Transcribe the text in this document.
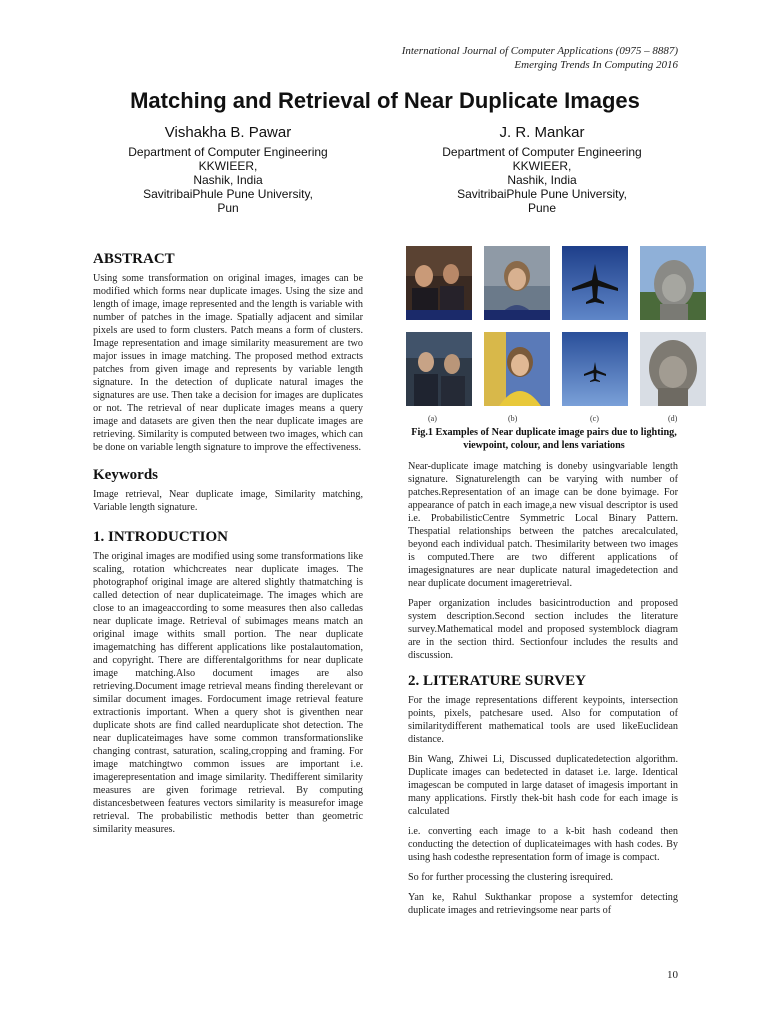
International Journal of Computer Applications (0975 – 8887)
Emerging Trends In Computing 2016
Matching and Retrieval of Near Duplicate Images
Vishakha B. Pawar
Department of Computer Engineering
KKWIEER,
Nashik, India
SavitribaiPhule Pune University,
Pun
J. R. Mankar
Department of Computer Engineering
KKWIEER,
Nashik, India
SavitribaiPhule Pune University,
Pune
ABSTRACT

Using some transformation on original images, images can be modified which forms near duplicate images. Using the size and length of image, image represented and the length is variable with number of patches in the image. Spatially adjacent and similar pixels are used to form clusters. Patch means a form of clusters. Image representation and image similarity measurement are two major issues in image matching. The proposed method extracts patches from given image and represents by variable length signature. In the detection of duplicate natural images the signatures are use. Then take a decision for images are duplicates or not. The retrieval of near duplicate images means a query image and datasets are given then the near duplicate images are retrieving. Similarity is computed between two images, which can be done on variable length signature to improve the effectiveness.

Keywords

Image retrieval, Near duplicate image, Similarity matching, Variable length signature.

1. INTRODUCTION

The original images are modified using some transformations like scaling, rotation whichcreates near duplicate images. The photographof original image are altered slightly thatmatching is called detection of near duplicateimage. The images which are close to an imageaccording to some measures then also calledas near duplicate image. Retrieval of subimages means match an original image withits small portion. The near duplicate imagematching has different applications like postalautomation, and copyright. There are differentalgorithms for near duplicate image matching.Also document images are also retrieving.Document image retrieval means finding therelevant or similar document images. Fordocument image retrieval feature extractionis important. When a query shot is giventhen near duplicate shots are find called nearduplicate shot detection. The near duplicateimages have some common transformationslike changing contrast, saturation, scaling,cropping and framing. For image matchingtwo common issues are important i.e. imagerepresentation and image similarity. Thedifferent similarity measures are given forimage retrieval. By computing distancesbetween features vectors similarity is measurefor image retrieval. The probabilistic methodis better than geometric similarity measures.

(a)	(b)	(c)	(d)
Fig.1 Examples of Near duplicate image pairs due to lighting, viewpoint, colour, and lens variations

Near-duplicate image matching is doneby usingvariable length signature. Signaturelength can be varying with number of patches.Representation of an image can be done byimage. For appearance of patch in each image,a new visual descriptor is used i.e. ProbabilisticCentre Symmetric Local Binary Pattern. Thespatial relationships between the patches arecalculated, beyond each individual patch. Thesimilarity between two images is computed.There are two different applications of imagesignatures are near duplicate natural imagedetection and near duplicate document imageretrieval.

Paper organization includes basicintroduction and proposed system description.Second section includes the literature survey.Mathematical model and proposed systemblock diagram are in the section third. Sectionfour includes the results and discussion.

2. LITERATURE SURVEY

For the image representations different keypoints, intersection points, pixels, patchesare used. Also for computation of similaritydifferent mathematical tools are used likeEuclidean distance.

Bin Wang, Zhiwei Li, Discussed duplicatedetection algorithm. Duplicate images can bedetected in dataset i.e. large. Identical imagescan be computed in large dataset of imagesis important in many applications. Firstly thek-bit hash code for each image is calculated

i.e. converting each image to a k-bit hash codeand then conducting the detection of duplicateimages with hash codes. By using hash codesthe representation form of image is compact.

So for further processing the clustering isrequired.

Yan ke, Rahul Sukthankar propose a systemfor detecting duplicate images and retrievingsome near parts of

10
